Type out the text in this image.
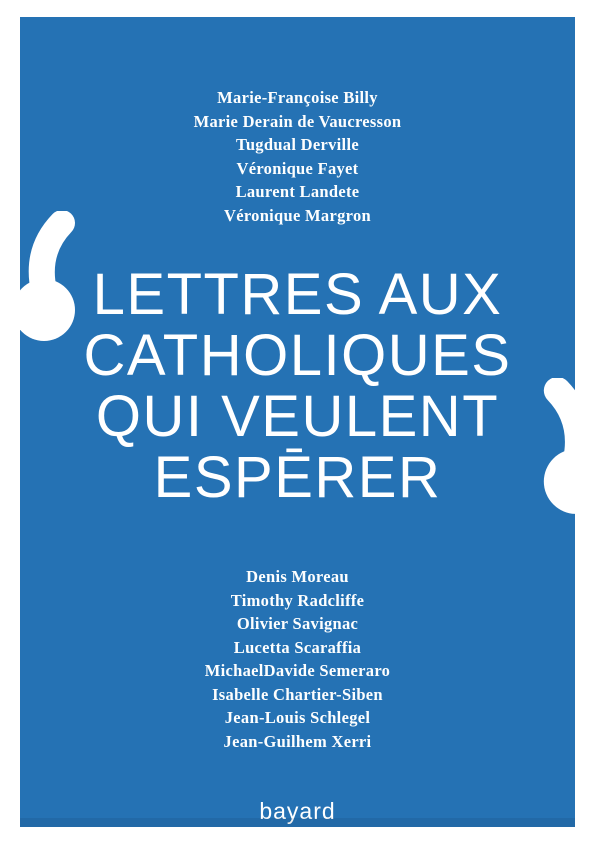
Marie-Françoise Billy
Marie Derain de Vaucresson
Tugdual Derville
Véronique Fayet
Laurent Landete
Véronique Margron
LETTRES AUX
CATHOLIQUES
QUI VEULENT
ESPĒRER
Denis Moreau
Timothy Radcliffe
Olivier Savignac
Lucetta Scaraffia
MichaelDavide Semeraro
Isabelle Chartier-Siben
Jean-Louis Schlegel
Jean-Guilhem Xerri
bayard
